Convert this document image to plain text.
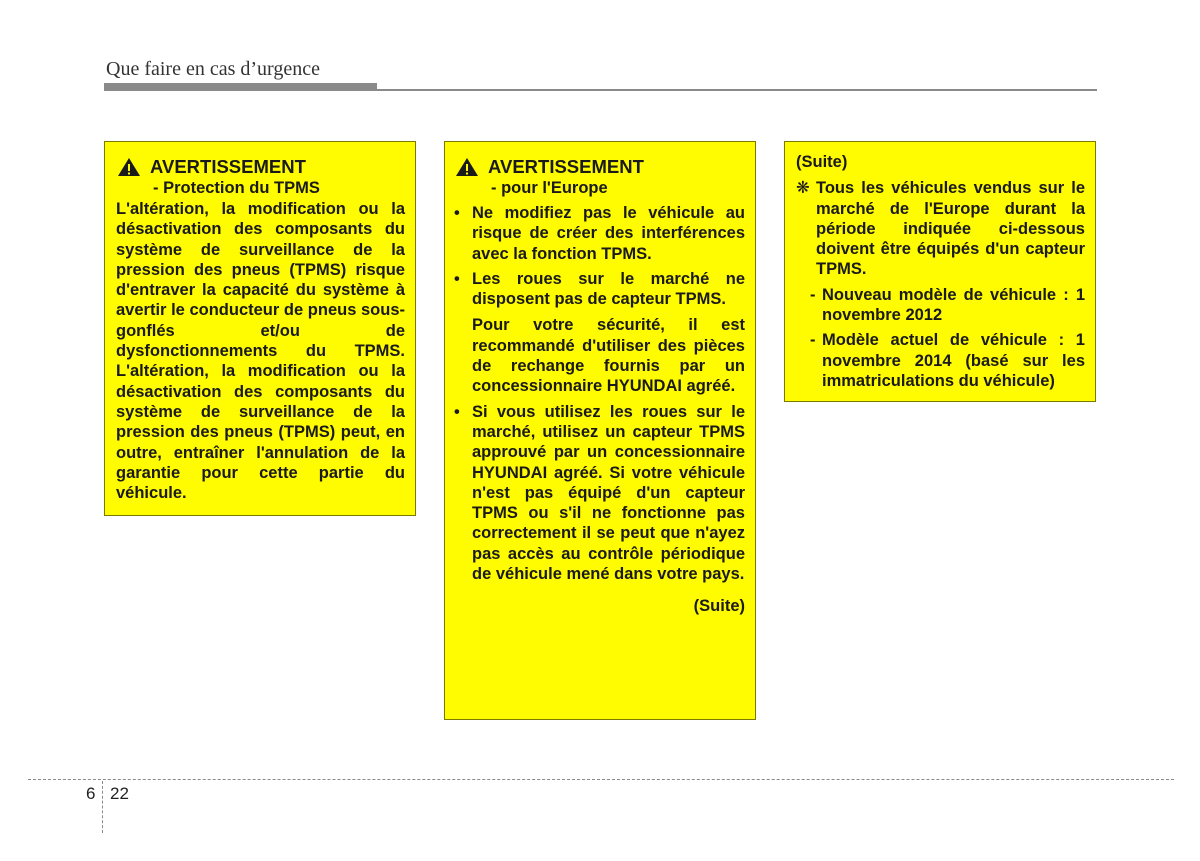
Que faire en cas d’urgence
AVERTISSEMENT
- Protection du TPMS
L'altération, la modification ou la désactivation des composants du système de surveillance de la pression des pneus (TPMS) risque d'entraver la capacité du système à avertir le conducteur de pneus sous-gonflés et/ou de dysfonctionnements du TPMS. L'altération, la modification ou la désactivation des composants du système de surveillance de la pression des pneus (TPMS) peut, en outre, entraîner l'annulation de la garantie pour cette partie du véhicule.
AVERTISSEMENT
- pour l'Europe
• Ne modifiez pas le véhicule au risque de créer des interférences avec la fonction TPMS.
• Les roues sur le marché ne disposent pas de capteur TPMS.
Pour votre sécurité, il est recommandé d'utiliser des pièces de rechange fournis par un concessionnaire HYUNDAI agréé.
• Si vous utilisez les roues sur le marché, utilisez un capteur TPMS approuvé par un concessionnaire HYUNDAI agréé. Si votre véhicule n'est pas équipé d'un capteur TPMS ou s'il ne fonctionne pas correctement il se peut que n'ayez pas accès au contrôle périodique de véhicule mené dans votre pays.
(Suite)
(Suite)
❋ Tous les véhicules vendus sur le marché de l'Europe durant la période indiquée ci-dessous doivent être équipés d'un capteur TPMS.
- Nouveau modèle de véhicule : 1 novembre 2012
- Modèle actuel de véhicule : 1 novembre 2014 (basé sur les immatriculations du véhicule)
6 22
